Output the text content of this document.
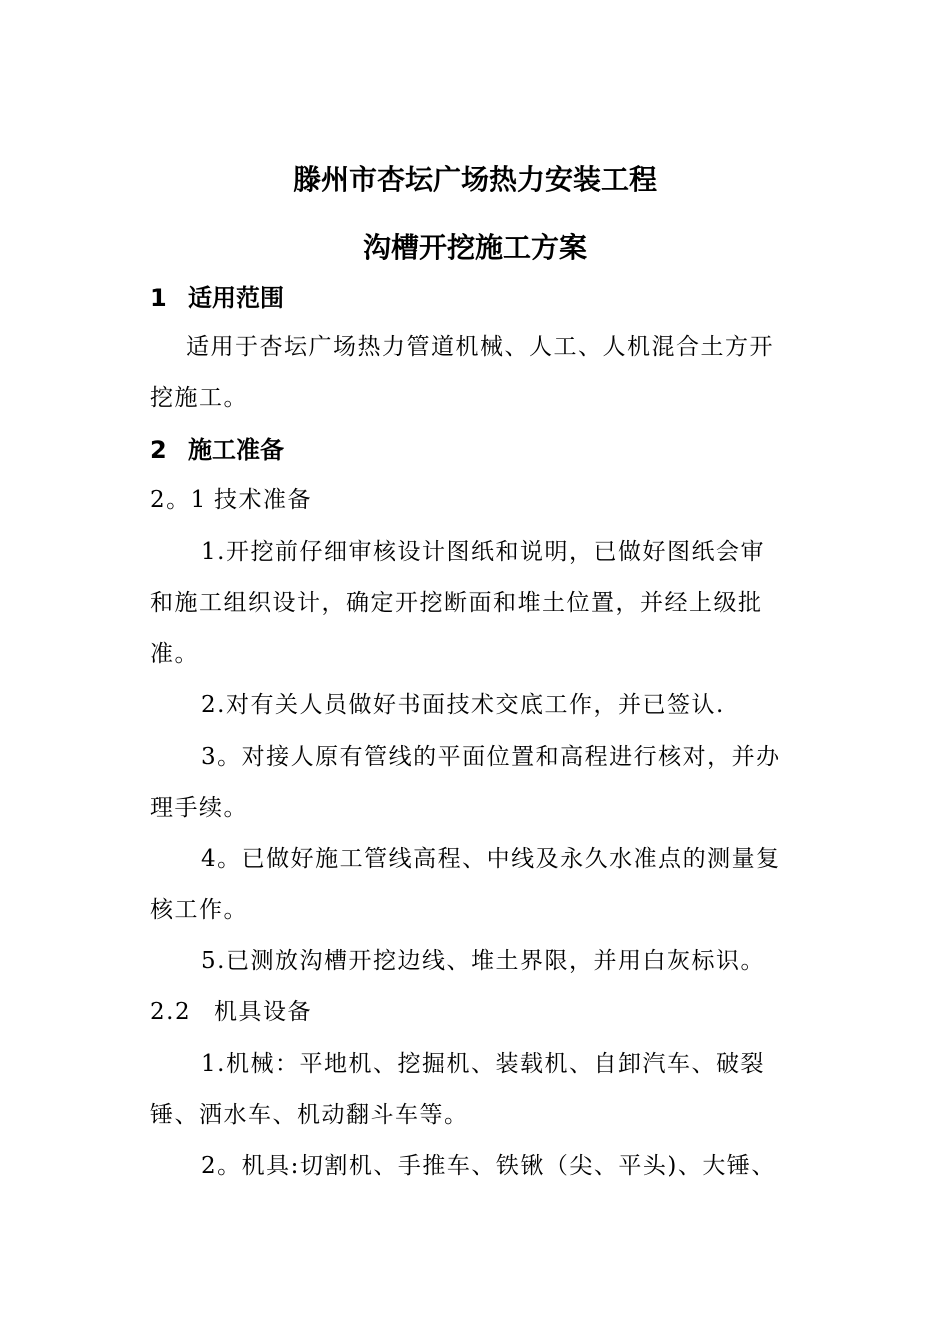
滕州市杏坛广场热力安装工程
沟槽开挖施工方案
1 适用范围
适用于杏坛广场热力管道机械、人工、人机混合土方开
挖施工。
2 施工准备
2。1 技术准备
1.开挖前仔细审核设计图纸和说明，已做好图纸会审
和施工组织设计，确定开挖断面和堆土位置，并经上级批
准。
2.对有关人员做好书面技术交底工作，并已签认.
3。对接人原有管线的平面位置和高程进行核对，并办
理手续。
4。已做好施工管线高程、中线及永久水准点的测量复
核工作。
5.已测放沟槽开挖边线、堆土界限，并用白灰标识。
2.2 机具设备
1.机械：平地机、挖掘机、装载机、自卸汽车、破裂
锤、洒水车、机动翻斗车等。
2。机具:切割机、手推车、铁锹（尖、平头)、大锤、
